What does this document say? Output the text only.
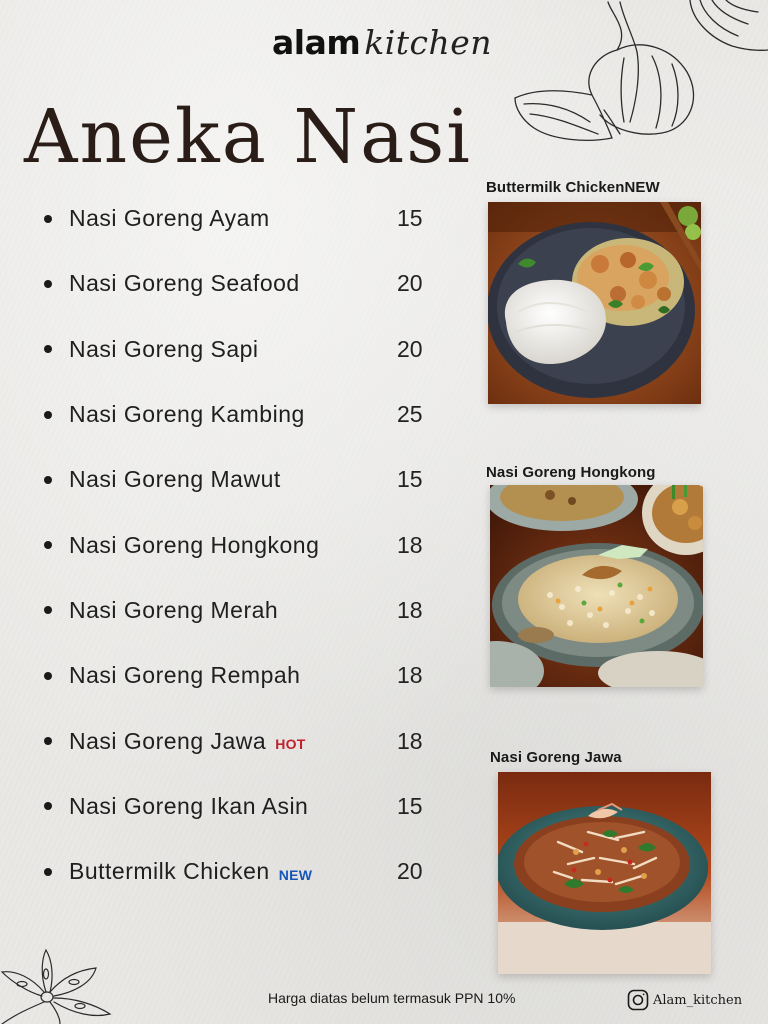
alam kitchen
Aneka Nasi
Nasi Goreng Ayam	15
Nasi Goreng Seafood	20
Nasi Goreng Sapi	20
Nasi Goreng Kambing	25
Nasi Goreng Mawut	15
Nasi Goreng Hongkong	18
Nasi Goreng Merah	18
Nasi Goreng Rempah	18
Nasi Goreng Jawa HOT	18
Nasi Goreng Ikan Asin	15
Buttermilk Chicken NEW	20
Buttermilk ChickenNEW
Nasi Goreng Hongkong
Nasi Goreng Jawa
Harga diatas belum termasuk PPN 10%	Alam_kitchen
